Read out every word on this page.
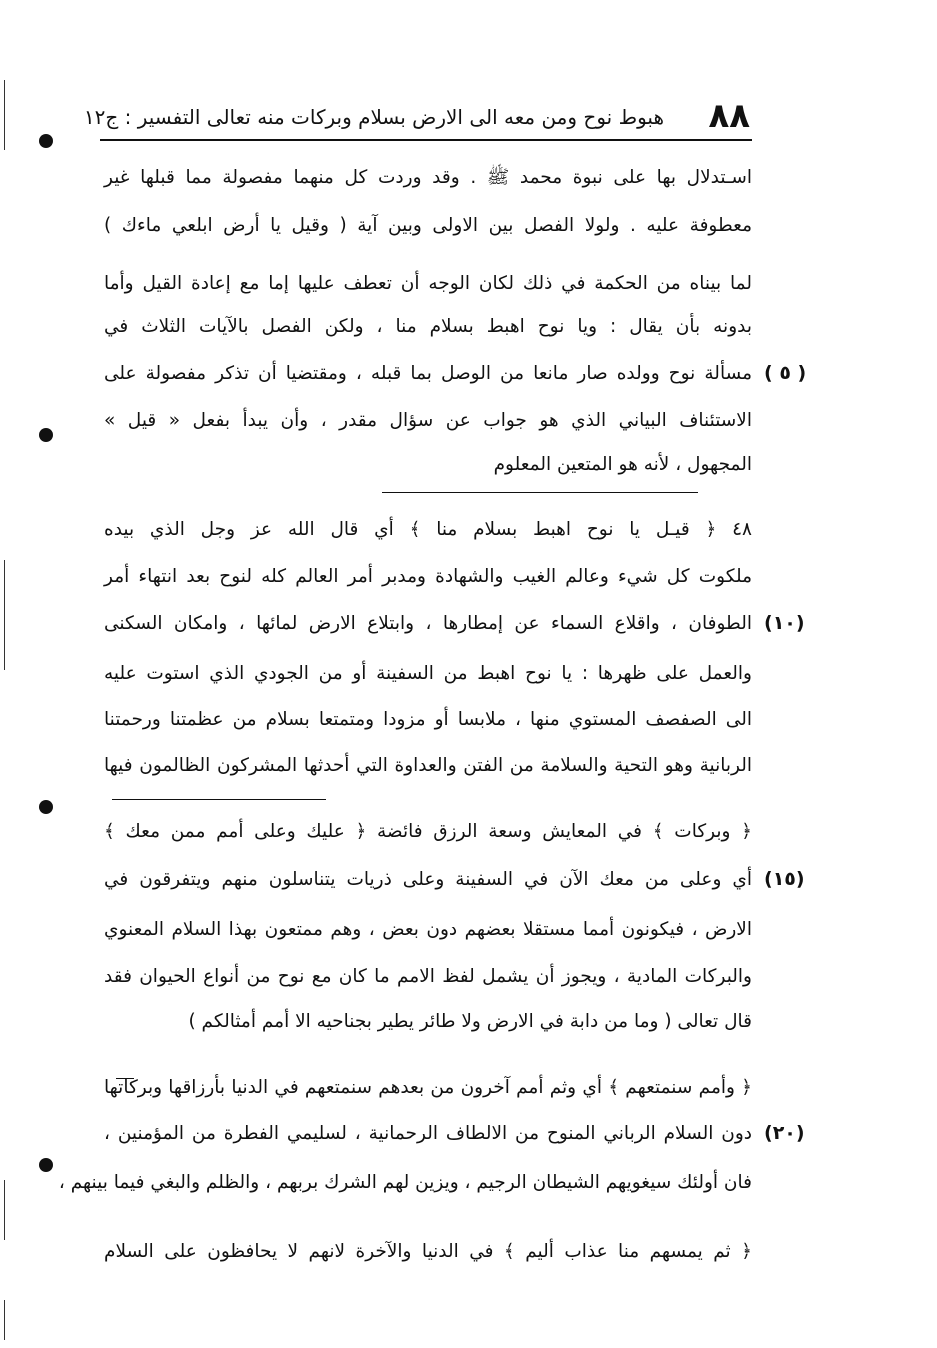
٨٨
هبوط نوح ومن معه الى الارض بسلام وبركات منه تعالى التفسير : ج١٢
( ٥ )
(١٠)
(١٥)
(٢٠)
اسـتدلال بها على نبوة محمد ﷺ . وقد وردت كل منهما مفصولة مما قبلها غير
معطوفة عليه . ولولا الفصل بين الاولى وبين آية ( وقيل يا أرض ابلعي ماءك )
لما بيناه من الحكمة في ذلك لكان الوجه أن تعطف عليها إما مع إعادة القيل وأما
بدونه بأن يقال : ويا نوح اهبط بسلام منا ، ولكن الفصل بالآيات الثلاث في
مسألة نوح وولده صار مانعا من الوصل بما قبله ، ومقتضيا أن تذكر مفصولة على
الاستئناف البياني الذي هو جواب عن سؤال مقدر ، وأن يبدأ بفعل « قيل »
المجهول ، لأنه هو المتعين المعلوم
٤٨ ﴿ قيـل يا نوح اهبط بسلام منا ﴾ أي قال الله عز وجل الذي بيده
ملكوت كل شيء وعالم الغيب والشهادة ومدبر أمر العالم كله لنوح بعد انتهاء أمر
الطوفان ، واقلاع السماء عن إمطارها ، وابتلاع الارض لمائها ، وامكان السكنى
والعمل على ظهرها : يا نوح اهبط من السفينة أو من الجودي الذي استوت عليه
الى الصفصف المستوي منها ، ملابسا أو مزودا ومتمتعا بسلام من عظمتنا ورحمتنا
الربانية وهو التحية والسلامة من الفتن والعداوة التي أحدثها المشركون الظالمون فيها
﴿ وبركات ﴾ في المعايش وسعة الرزق فائضة ﴿ عليك وعلى أمم ممن معك ﴾
أي وعلى من معك الآن في السفينة وعلى ذريات يتناسلون منهم ويتفرقون في
الارض ، فيكونون أمما مستقلا بعضهم دون بعض ، وهم ممتعون بهذا السلام المعنوي
والبركات المادية ، ويجوز أن يشمل لفظ الامم ما كان مع نوح من أنواع الحيوان فقد
قال تعالى ( وما من دابة في الارض ولا طائر يطير بجناحيه الا أمم أمثالكم )
﴿ وأمم سنمتعهم ﴾ أي وثم أمم آخرون من بعدهم سنمتعهم في الدنيا بأرزاقها وبركاتها
دون السلام الرباني المنوح من الالطاف الرحمانية ، لسليمي الفطرة من المؤمنين ،
فان أولئك سيغويهم الشيطان الرجيم ، ويزين لهم الشرك بربهم ، والظلم والبغي فيما بينهم ،
﴿ ثم يمسهم منا عذاب أليم ﴾ في الدنيا والآخرة لانهم لا يحافظون على السلام
